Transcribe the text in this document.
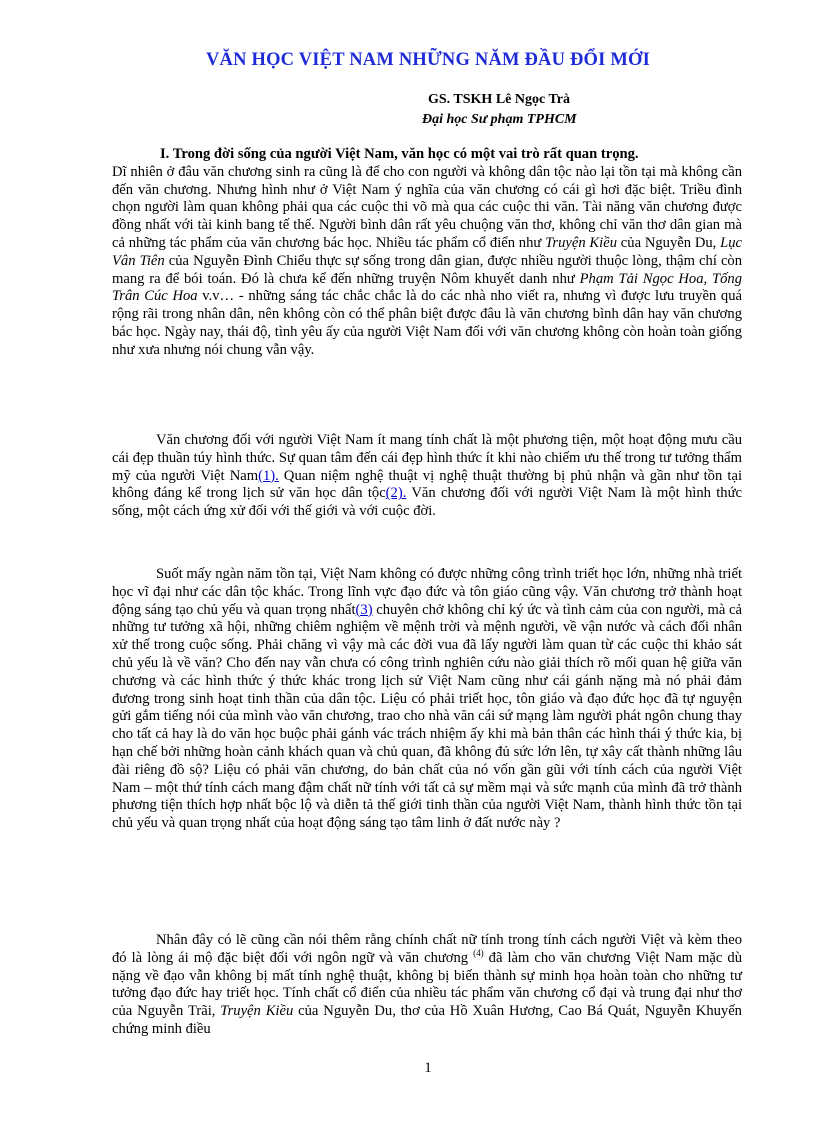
VĂN HỌC VIỆT NAM NHỮNG NĂM ĐẦU ĐỔI MỚI
GS. TSKH Lê Ngọc Trà
Đại học Sư phạm TPHCM
I. Trong đời sống của người Việt Nam, văn học có một vai trò rất quan trọng.
Dĩ nhiên ở đâu văn chương sinh ra cũng là để cho con người và không dân tộc nào lại tồn tại mà không cần đến văn chương. Nhưng hình như ở Việt Nam ý nghĩa của văn chương có cái gì hơi đặc biệt. Triều đình chọn người làm quan không phải qua các cuộc thi võ mà qua các cuộc thi văn. Tài năng văn chương được đồng nhất với tài kinh bang tế thế. Người bình dân rất yêu chuộng văn thơ, không chỉ văn thơ dân gian mà cả những tác phẩm của văn chương bác học. Nhiều tác phẩm cổ điển như Truyện Kiều của Nguyễn Du, Lục Vân Tiên của Nguyễn Đình Chiểu thực sự sống trong dân gian, được nhiều người thuộc lòng, thậm chí còn mang ra để bói toán. Đó là chưa kể đến những truyện Nôm khuyết danh như Phạm Tải Ngọc Hoa, Tống Trân Cúc Hoa v.v… - những sáng tác chắc chắc là do các nhà nho viết ra, nhưng vì được lưu truyền quá rộng rãi trong nhân dân, nên không còn có thể phân biệt được đâu là văn chương bình dân hay văn chương bác học. Ngày nay, thái độ, tình yêu ấy của người Việt Nam đối với văn chương không còn hoàn toàn giống như xưa nhưng nói chung vẫn vậy.
Văn chương đối với người Việt Nam ít mang tính chất là một phương tiện, một hoạt động mưu cầu cái đẹp thuần túy hình thức. Sự quan tâm đến cái đẹp hình thức ít khi nào chiếm ưu thế trong tư tưởng thẩm mỹ của người Việt Nam(1). Quan niệm nghệ thuật vị nghệ thuật thường bị phủ nhận và gần như tồn tại không đáng kể trong lịch sử văn học dân tộc(2). Văn chương đối với người Việt Nam là một hình thức sống, một cách ứng xử đối với thế giới và với cuộc đời.
Suốt mấy ngàn năm tồn tại, Việt Nam không có được những công trình triết học lớn, những nhà triết học vĩ đại như các dân tộc khác. Trong lĩnh vực đạo đức và tôn giáo cũng vậy. Văn chương trở thành hoạt động sáng tạo chủ yếu và quan trọng nhất(3) chuyên chở không chỉ ký ức và tình cảm của con người, mà cả những tư tưởng xã hội, những chiêm nghiệm về mệnh trời và mệnh người, về vận nước và cách đối nhân xử thế trong cuộc sống. Phải chăng vì vậy mà các đời vua đã lấy người làm quan từ các cuộc thi khảo sát chủ yếu là về văn? Cho đến nay vẫn chưa có công trình nghiên cứu nào giải thích rõ mối quan hệ giữa văn chương và các hình thức ý thức khác trong lịch sử Việt Nam cũng như cái gánh nặng mà nó phải đảm đương trong sinh hoạt tinh thần của dân tộc. Liệu có phải triết học, tôn giáo và đạo đức học đã tự nguyện gửi gắm tiếng nói của mình vào văn chương, trao cho nhà văn cái sứ mạng làm người phát ngôn chung thay cho tất cả hay là do văn học buộc phải gánh vác trách nhiệm ấy khi mà bản thân các hình thái ý thức kia, bị hạn chế bởi những hoàn cảnh khách quan và chủ quan, đã không đủ sức lớn lên, tự xây cất thành những lâu đài riêng đồ sộ? Liệu có phải văn chương, do bản chất của nó vốn gần gũi với tính cách của người Việt Nam – một thứ tính cách mang đậm chất nữ tính với tất cả sự mềm mại và sức mạnh của mình đã trở thành phương tiện thích hợp nhất bộc lộ và diễn tả thế giới tinh thần của người Việt Nam, thành hình thức tồn tại chủ yếu và quan trọng nhất của hoạt động sáng tạo tâm linh ở đất nước này ?
Nhân đây có lẽ cũng cần nói thêm rằng chính chất nữ tính trong tính cách người Việt và kèm theo đó là lòng ái mộ đặc biệt đối với ngôn ngữ và văn chương $^{(4)}$ đã làm cho văn chương Việt Nam mặc dù nặng về đạo vẫn không bị mất tính nghệ thuật, không bị biến thành sự minh họa hoàn toàn cho những tư tưởng đạo đức hay triết học. Tính chất cổ điển của nhiều tác phẩm văn chương cổ đại và trung đại như thơ của Nguyễn Trãi, Truyện Kiều của Nguyễn Du, thơ của Hồ Xuân Hương, Cao Bá Quát, Nguyễn Khuyến chứng minh điều
1
